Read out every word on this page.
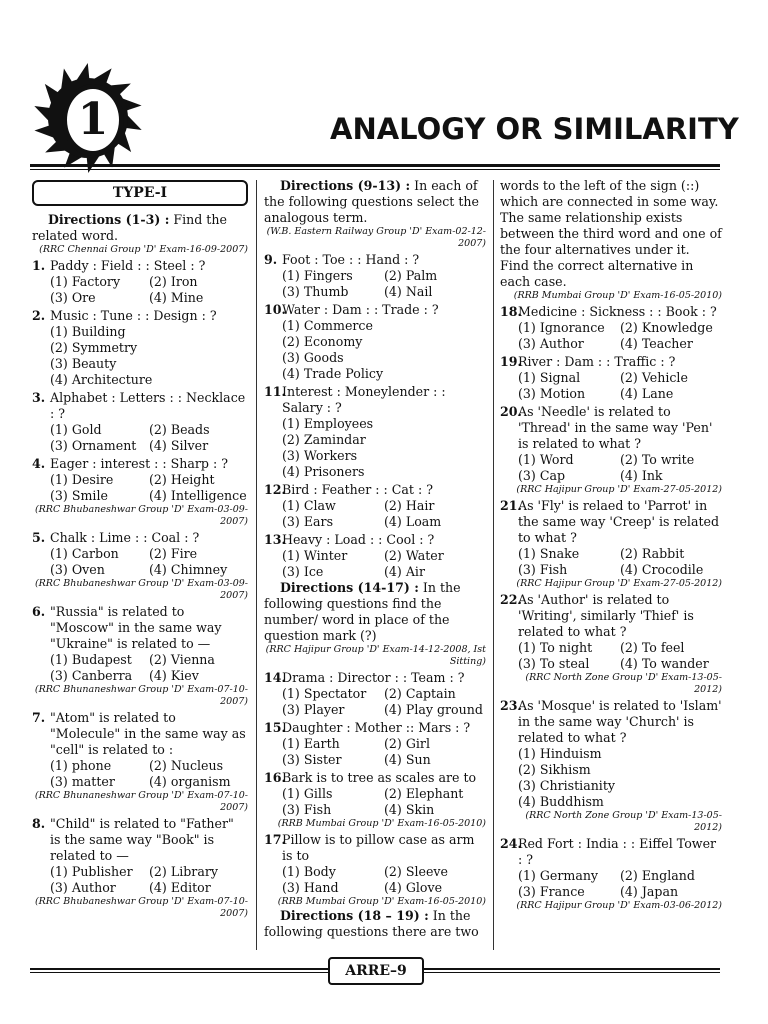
1	ANALOGY OR SIMILARITY
TYPE-I

Directions (1-3) : Find the related word.

(RRC Chennai Group 'D' Exam-16-09-2007)

1. Paddy : Field : : Steel : ?
(1) Factory	(2) Iron
(3) Ore	(4) Mine
2. Music : Tune : : Design : ?
(1) Building
(2) Symmetry
(3) Beauty
(4) Architecture
3. Alphabet : Letters : : Necklace : ?
(1) Gold	(2) Beads
(3) Ornament	(4) Silver
4. Eager : interest : : Sharp : ?
(1) Desire	(2) Height
(3) Smile	(4) Intelligence

(RRC Bhubaneshwar Group 'D' Exam-03-09-2007)

5. Chalk : Lime : : Coal : ?
(1) Carbon	(2) Fire
(3) Oven	(4) Chimney

(RRC Bhubaneshwar Group 'D' Exam-03-09-2007)

6. "Russia" is related to "Moscow" in the same way "Ukraine" is related to —
(1) Budapest	(2) Vienna
(3) Canberra	(4) Kiev

(RRC Bhunaneshwar Group 'D' Exam-07-10-2007)

7. "Atom" is related to "Molecule" in the same way as "cell" is related to :
(1) phone	(2) Nucleus
(3) matter	(4) organism

(RRC Bhunaneshwar Group 'D' Exam-07-10-2007)

8. "Child" is related to "Father" is the same way "Book" is related to —
(1) Publisher	(2) Library
(3) Author	(4) Editor

(RRC Bhubaneshwar Group 'D' Exam-07-10-2007)

Directions (9-13) : In each of the following questions select the analogous term.

(W.B. Eastern Railway Group 'D' Exam-02-12-2007)

9. Foot : Toe : : Hand : ?
(1) Fingers	(2) Palm
(3) Thumb	(4) Nail
10.
Water : Dam : : Trade : ?
(1) Commerce
(2) Economy
(3) Goods
(4) Trade Policy
11.
Interest : Moneylender : : Salary : ?
(1) Employees
(2) Zamindar
(3) Workers
(4) Prisoners
12.
Bird : Feather : : Cat : ?
(1) Claw	(2) Hair
(3) Ears	(4) Loam
13.
Heavy : Load : : Cool : ?
(1) Winter	(2) Water
(3) Ice	(4) Air

Directions (14-17) : In the following questions find the number/ word in place of the question mark (?)

(RRC Hajipur Group 'D' Exam-14-12-2008, Ist Sitting)

14.
Drama : Director : : Team : ?
(1) Spectator	(2) Captain
(3) Player	(4) Play ground
15.
Daughter : Mother :: Mars : ?
(1) Earth	(2) Girl
(3) Sister	(4) Sun
16.
Bark is to tree as scales are to
(1) Gills	(2) Elephant
(3) Fish	(4) Skin

(RRB Mumbai Group 'D' Exam-16-05-2010)

17.
Pillow is to pillow case as arm is to
(1) Body	(2) Sleeve
(3) Hand	(4) Glove

(RRB Mumbai Group 'D' Exam-16-05-2010)

Directions (18 – 19) : In the following questions there are two

words to the left of the sign (::) which are connected in some way. The same relationship exists between the third word and one of the four alternatives under it. Find the correct alternative in each case.

(RRB Mumbai Group 'D' Exam-16-05-2010)

18.
Medicine : Sickness : : Book : ?
(1) Ignorance	(2) Knowledge
(3) Author	(4) Teacher
19.
River : Dam : : Traffic : ?
(1) Signal	(2) Vehicle
(3) Motion	(4) Lane
20.
As 'Needle' is related to 'Thread' in the same way 'Pen' is related to what ?
(1) Word	(2) To write
(3) Cap	(4) Ink

(RRC Hajipur Group 'D' Exam-27-05-2012)

21.
As 'Fly' is relaed to 'Parrot' in the same way 'Creep' is related to what ?
(1) Snake	(2) Rabbit
(3) Fish	(4) Crocodile

(RRC Hajipur Group 'D' Exam-27-05-2012)

22.
As 'Author' is related to 'Writing', similarly 'Thief' is related to what ?
(1) To night	(2) To feel
(3) To steal	(4) To wander

(RRC North Zone Group 'D' Exam-13-05-2012)

23.
As 'Mosque' is related to 'Islam' in the same way 'Church' is related to what ?
(1) Hinduism
(2) Sikhism
(3) Christianity
(4) Buddhism

(RRC North Zone Group 'D' Exam-13-05-2012)

24.
Red Fort : India : : Eiffel Tower : ?
(1) Germany	(2) England
(3) France	(4) Japan

(RRC Hajipur Group 'D' Exam-03-06-2012)

ARRE–9
